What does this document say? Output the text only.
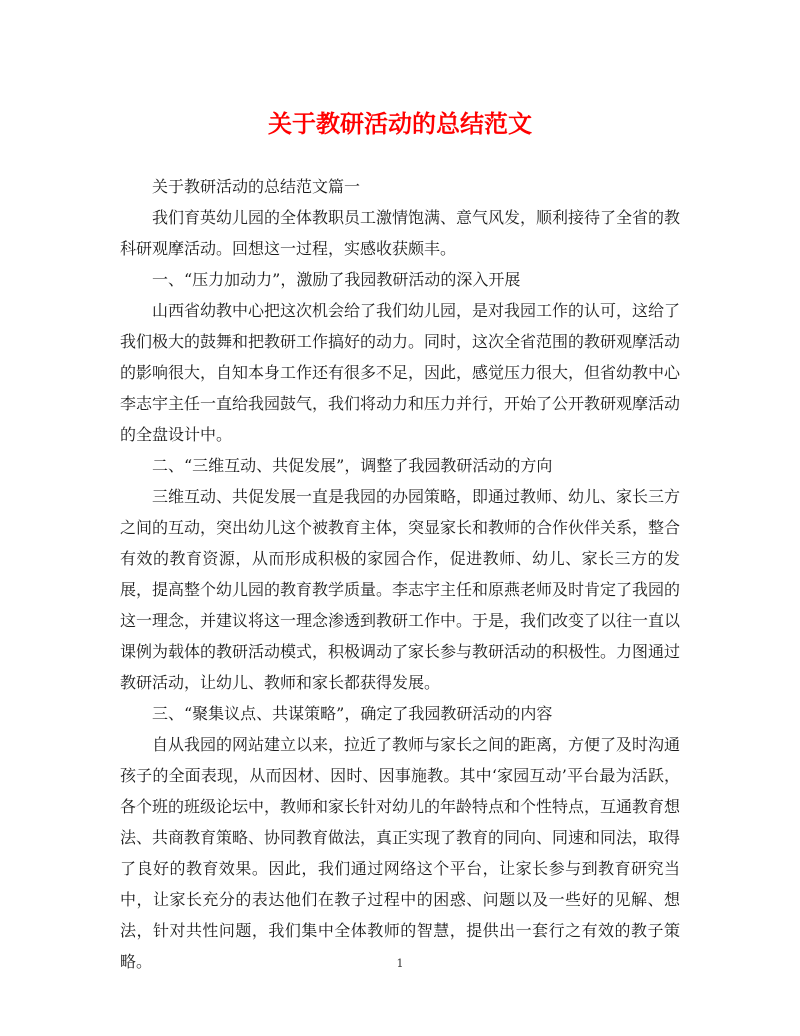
关于教研活动的总结范文

关于教研活动的总结范文篇一

我们育英幼儿园的全体教职员工激情饱满、意气风发，顺利接待了全省的教科研观摩活动。回想这一过程，实感收获颇丰。

一、“压力加动力”，激励了我园教研活动的深入开展

山西省幼教中心把这次机会给了我们幼儿园，是对我园工作的认可，这给了我们极大的鼓舞和把教研工作搞好的动力。同时，这次全省范围的教研观摩活动的影响很大，自知本身工作还有很多不足，因此，感觉压力很大，但省幼教中心李志宇主任一直给我园鼓气，我们将动力和压力并行，开始了公开教研观摩活动的全盘设计中。

二、“三维互动、共促发展”，调整了我园教研活动的方向

三维互动、共促发展一直是我园的办园策略，即通过教师、幼儿、家长三方之间的互动，突出幼儿这个被教育主体，突显家长和教师的合作伙伴关系，整合有效的教育资源，从而形成积极的家园合作，促进教师、幼儿、家长三方的发展，提高整个幼儿园的教育教学质量。李志宇主任和原燕老师及时肯定了我园的这一理念，并建议将这一理念渗透到教研工作中。于是，我们改变了以往一直以课例为载体的教研活动模式，积极调动了家长参与教研活动的积极性。力图通过教研活动，让幼儿、教师和家长都获得发展。

三、“聚集议点、共谋策略”，确定了我园教研活动的内容

自从我园的网站建立以来，拉近了教师与家长之间的距离，方便了及时沟通孩子的全面表现，从而因材、因时、因事施教。其中‘家园互动’平台最为活跃，各个班的班级论坛中，教师和家长针对幼儿的年龄特点和个性特点，互通教育想法、共商教育策略、协同教育做法，真正实现了教育的同向、同速和同法，取得了良好的教育效果。因此，我们通过网络这个平台，让家长参与到教育研究当中，让家长充分的表达他们在教子过程中的困惑、问题以及一些好的见解、想法，针对共性问题，我们集中全体教师的智慧，提供出一套行之有效的教子策略。	1
